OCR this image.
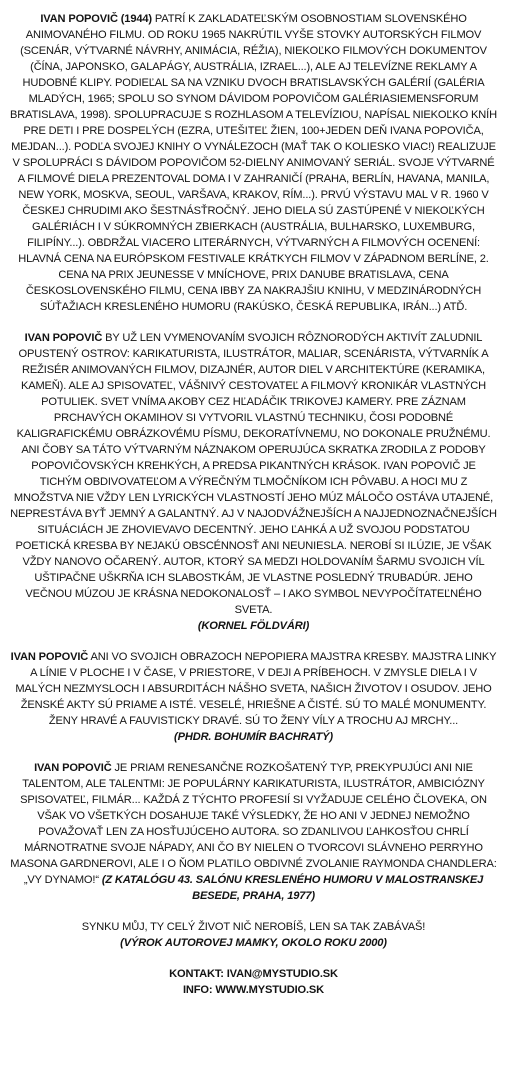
IVAN POPOVIČ (1944) PATRÍ K ZAKLADATEĽSKÝM OSOBNOSTIAM SLOVENSKÉHO ANIMOVANÉHO FILMU. OD ROKU 1965 NAKRÚTIL VYŠE STOVKY AUTORSKÝCH FILMOV (SCENÁR, VÝTVARNÉ NÁVRHY, ANIMÁCIA, RÉŽIA), NIEKOĽKO FILMOVÝCH DOKUMENTOV (ČÍNA, JAPONSKO, GALAPÁGY, AUSTRÁLIA, IZRAEL...), ALE AJ TELEVÍZNE REKLAMY A HUDOBNÉ KLIPY. PODIEĽAL SA NA VZNIKU DVOCH BRATISLAVSKÝCH GALÉRIÍ (GALÉRIA MLADÝCH, 1965; SPOLU SO SYNOM DÁVIDOM POPOVIČOM GALÉRIASIEMENSFORUM BRATISLAVA, 1998). SPOLUPRACUJE S ROZHLASOM A TELEVÍZIOU, NAPÍSAL NIEKOĽKO KNÍH PRE DETI I PRE DOSPELÝCH (EZRA, UTEŠITEĽ ŽIEN, 100+JEDEN DEŇ IVANA POPOVIČA, MEJDAN...). PODĽA SVOJEJ KNIHY O VYNÁLEZOCH (MAŤ TAK O KOLIESKO VIAC!) REALIZUJE V SPOLUPRÁCI S DÁVIDOM POPOVIČOM 52-DIELNY ANIMOVANÝ SERIÁL. SVOJE VÝTVARNÉ A FILMOVÉ DIELA PREZENTOVAL DOMA I V ZAHRANIČÍ (PRAHA, BERLÍN, HAVANA, MANILA, NEW YORK, MOSKVA, SEOUL, VARŠAVA, KRAKOV, RÍM...). PRVÚ VÝSTAVU MAL V R. 1960 V ČESKEJ CHRUDIMI AKO ŠESTNÁSŤROČNÝ. JEHO DIELA SÚ ZASTÚPENÉ V NIEKOĽKÝCH GALÉRIÁCH I V SÚKROMNÝCH ZBIERKACH (AUSTRÁLIA, BULHARSKO, LUXEMBURG, FILIPÍNY...). OBDRŽAL VIACERO LITERÁRNYCH, VÝTVARNÝCH A FILMOVÝCH OCENENÍ: HLAVNÁ CENA NA EURÓPSKOM FESTIVALE KRÁTKYCH FILMOV V ZÁPADNOM BERLÍNE, 2. CENA NA PRIX JEUNESSE V MNÍCHOVE, PRIX DANUBE BRATISLAVA, CENA ČESKOSLOVENSKÉHO FILMU, CENA IBBY ZA NAKRAJŠIU KNIHU, V MEDZINÁRODNÝCH SÚŤAŽIACH KRESLENÉHO HUMORU (RAKÚSKO, ČESKÁ REPUBLIKA, IRÁN...) ATĎ.

IVAN POPOVIČ BY UŽ LEN VYMENOVANÍM SVOJICH RÔZNORODÝCH AKTIVÍT ZALUDNIL OPUSTENÝ OSTROV: KARIKATURISTA, ILUSTRÁTOR, MALIAR, SCENÁRISTA, VÝTVARNÍK A REŽISÉR ANIMOVANÝCH FILMOV, DIZAJNÉR, AUTOR DIEL V ARCHITEKTÚRE (KERAMIKA, KAMEŇ). ALE AJ SPISOVATEĽ, VÁŠNIVÝ CESTOVATEĽ A FILMOVÝ KRONIKÁR VLASTNÝCH POTULIEK. SVET VNÍMA AKOBY CEZ HĽADÁČIK TRIKOVEJ KAMERY. PRE ZÁZNAM PRCHAVÝCH OKAMIHOV SI VYTVORIL VLASTNÚ TECHNIKU, ČOSI PODOBNÉ KALIGRAFICKÉMU OBRÁZKOVÉMU PÍSMU, DEKORATÍVNEMU, NO DOKONALE PRUŽNÉMU. ANI ČOBY SA TÁTO VÝTVARNÝM NÁZNAKOM OPERUJÚCA SKRATKA ZRODILA Z PODOBY POPOVIČOVSKÝCH KREHKÝCH, A PREDSA PIKANTNÝCH KRÁSOK. IVAN POPOVIČ JE TICHÝM OBDIVOVATEĽOM A VÝREČNÝM TLMOČNÍKOM ICH PÔVABU. A HOCI MU Z MNOŽSTVA NIE VŽDY LEN LYRICKÝCH VLASTNOSTÍ JEHO MÚZ MÁLOČO OSTÁVA UTAJENÉ, NEPRESTÁVA BYŤ JEMNÝ A GALANTNÝ. AJ V NAJODVÁŽNEJŠÍCH A NAJJEDNOZNAČNEJŠÍCH SITUÁCIÁCH JE ZHOVIEVAVO DECENTNÝ. JEHO ĽAHKÁ A UŽ SVOJOU PODSTATOU POETICKÁ KRESBA BY NEJAKÚ OBSCÉNNOSŤ ANI NEUNIESLA. NEROBÍ SI ILÚZIE, JE VŠAK VŽDY NANOVO OČARENÝ. AUTOR, KTORÝ SA MEDZI HOLDOVANÍM ŠARMU SVOJICH VÍL UŠTIPAČNE UŠKRŇA ICH SLABOSTKÁM, JE VLASTNE POSLEDNÝ TRUBADÚR. JEHO VEČNOU MÚZOU JE KRÁSNA NEDOKONALOSŤ – I AKO SYMBOL NEVYPOČÍTATEĽNÉHO SVETA.
(KORNEL FÖLDVÁRI)

IVAN POPOVIČ ANI VO SVOJICH OBRAZOCH NEPOPIERA MAJSTRA KRESBY. MAJSTRA LINKY A LÍNIE V PLOCHE I V ČASE, V PRIESTORE, V DEJI A PRÍBEHOCH. V ZMYSLE DIELA I V MALÝCH NEZMYSLOCH I ABSURDITÁCH NÁŠHO SVETA, NAŠICH ŽIVOTOV I OSUDOV. JEHO ŽENSKÉ AKTY SÚ PRIAME A ISTÉ. VESELÉ, HRIEŠNE A ČISTÉ. SÚ TO MALÉ MONUMENTY. ŽENY HRAVÉ A FAUVISTICKY DRAVÉ. SÚ TO ŽENY VÍLY A TROCHU AJ MRCHY...
(PHDR. BOHUMÍR BACHRATÝ)

IVAN POPOVIČ JE PRIAM RENESANČNE ROZKOŠATENÝ TYP, PREKYPUJÚCI ANI NIE TALENTOM, ALE TALENTMI: JE POPULÁRNY KARIKATURISTA, ILUSTRÁTOR, AMBICIÓZNY SPISOVATEĽ, FILMÁR... KAŽDÁ Z TÝCHTO PROFESIÍ SI VYŽADUJE CELÉHO ČLOVEKA, ON VŠAK VO VŠETKÝCH DOSAHUJE TAKÉ VÝSLEDKY, ŽE HO ANI V JEDNEJ NEMOŽNO POVAŽOVAŤ LEN ZA HOSŤUJÚCEHO AUTORA. SO ZDANLIVOU ĽAHKOSŤOU CHRLÍ MÁRNOTRATNE SVOJE NÁPADY, ANI ČO BY NIELEN O TVORCOVI SLÁVNEHO PERRYHO MASONA GARDNEROVI, ALE I O ŇOM PLATILO OBDIVNÉ ZVOLANIE RAYMONDA CHANDLERA: „VY DYNAMO!“ (Z KATALÓGU 43. SALÓNU KRESLENÉHO HUMORU V MALOSTRANSKEJ BESEDE, PRAHA, 1977)

SYNKU MŮJ, TY CELÝ ŽIVOT NIČ NEROBÍŠ, LEN SA TAK ZABÁVAŠ!
(VÝROK AUTOROVEJ MAMKY, OKOLO ROKU 2000)

KONTAKT: IVAN@MYSTUDIO.SK

INFO: WWW.MYSTUDIO.SK
